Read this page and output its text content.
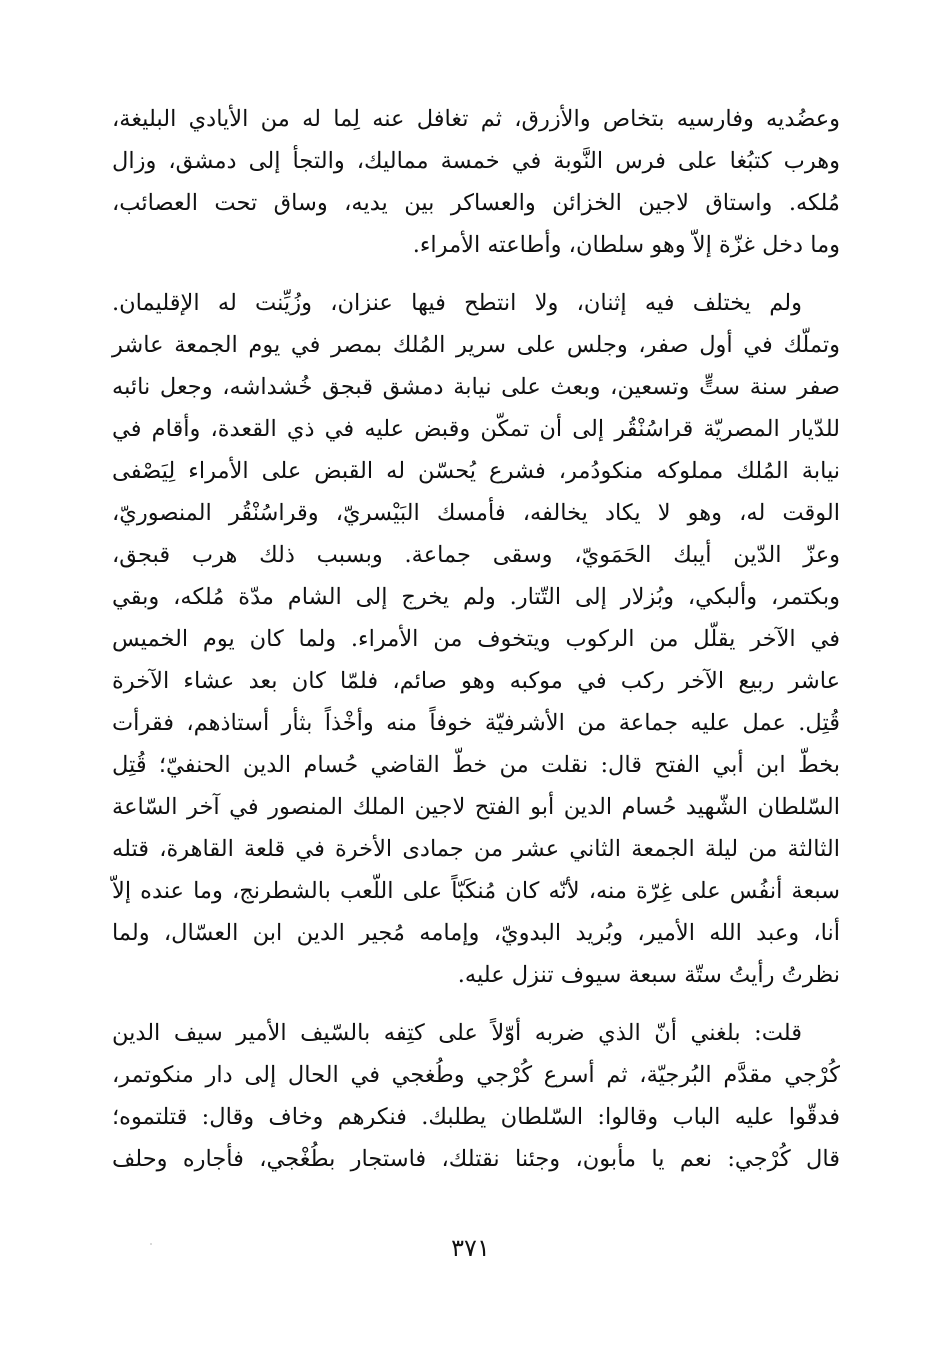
وعضُديه وفارسيه بتخاص والأزرق، ثم تغافل عنه لِما له من الأيادي البليغة،
وهرب كتبُغا على فرس النَّوبة في خمسة مماليك، والتجأ إلى دمشق، وزال
مُلكه. واستاق لاجين الخزائن والعساكر بين يديه، وساق تحت العصائب،
وما دخل غزّة إلاّ وهو سلطان، وأطاعته الأمراء.
ولم يختلف فيه إثنان، ولا انتطح فيها عنزان، وزُيِّنت له الإقليمان.
وتملّك في أول صفر، وجلس على سرير المُلك بمصر في يوم الجمعة عاشر
صفر سنة ستٍّ وتسعين، وبعث على نيابة دمشق قبجق خُشداشه، وجعل نائبه
للدّيار المصريّة قراسُنْقُر إلى أن تمكّن وقبض عليه في ذي القعدة، وأقام في
نيابة المُلك مملوكه منكودُمر، فشرع يُحسّن له القبض على الأمراء لِيَصْفى
الوقت له، وهو لا يكاد يخالفه، فأمسك البَيْسريّ، وقراسُنْقُر المنصوريّ،
وعزّ الدّين أيبك الحَمَويّ، وسقى جماعة. وبسبب ذلك هرب قبجق،
وبكتمر، وألبكي، وبُزلار إلى التّتار. ولم يخرج إلى الشام مدّة مُلكه، وبقي
في الآخر يقلّل من الركوب ويتخوف من الأمراء. ولما كان يوم الخميس
عاشر ربيع الآخر ركب في موكبه وهو صائم، فلمّا كان بعد عشاء الآخرة
قُتِل. عمل عليه جماعة من الأشرفيّة خوفاً منه وأخْذاً بثأر أستاذهم، فقرأت
بخطّ ابن أبي الفتح قال: نقلت من خطّ القاضي حُسام الدين الحنفيّ؛ قُتِل
السّلطان الشّهيد حُسام الدين أبو الفتح لاجين الملك المنصور في آخر السّاعة
الثالثة من ليلة الجمعة الثاني عشر من جمادى الأخرة في قلعة القاهرة، قتله
سبعة أنفُس على غِرّة منه، لأنّه كان مُنكَبّاً على اللّعب بالشطرنج، وما عنده إلاّ
أنا، وعبد الله الأمير، وبُريد البدويّ، وإمامه مُجير الدين ابن العسّال، ولما
نظرتُ رأيتُ ستّة سبعة سيوف تنزل عليه.
قلت: بلغني أنّ الذي ضربه أوّلاً على كتِفه بالسّيف الأمير سيف الدين
كُرْجي مقدَّم البُرجيّة، ثم أسرع كُرْجي وطُغجي في الحال إلى دار منكوتمر،
فدقّوا عليه الباب وقالوا: السّلطان يطلبك. فنكرهم وخاف وقال: قتلتموه؛
قال كُرْجي: نعم يا مأبون، وجئنا نقتلك، فاستجار بطُغْجي، فأجاره وحلف
٣٧١
